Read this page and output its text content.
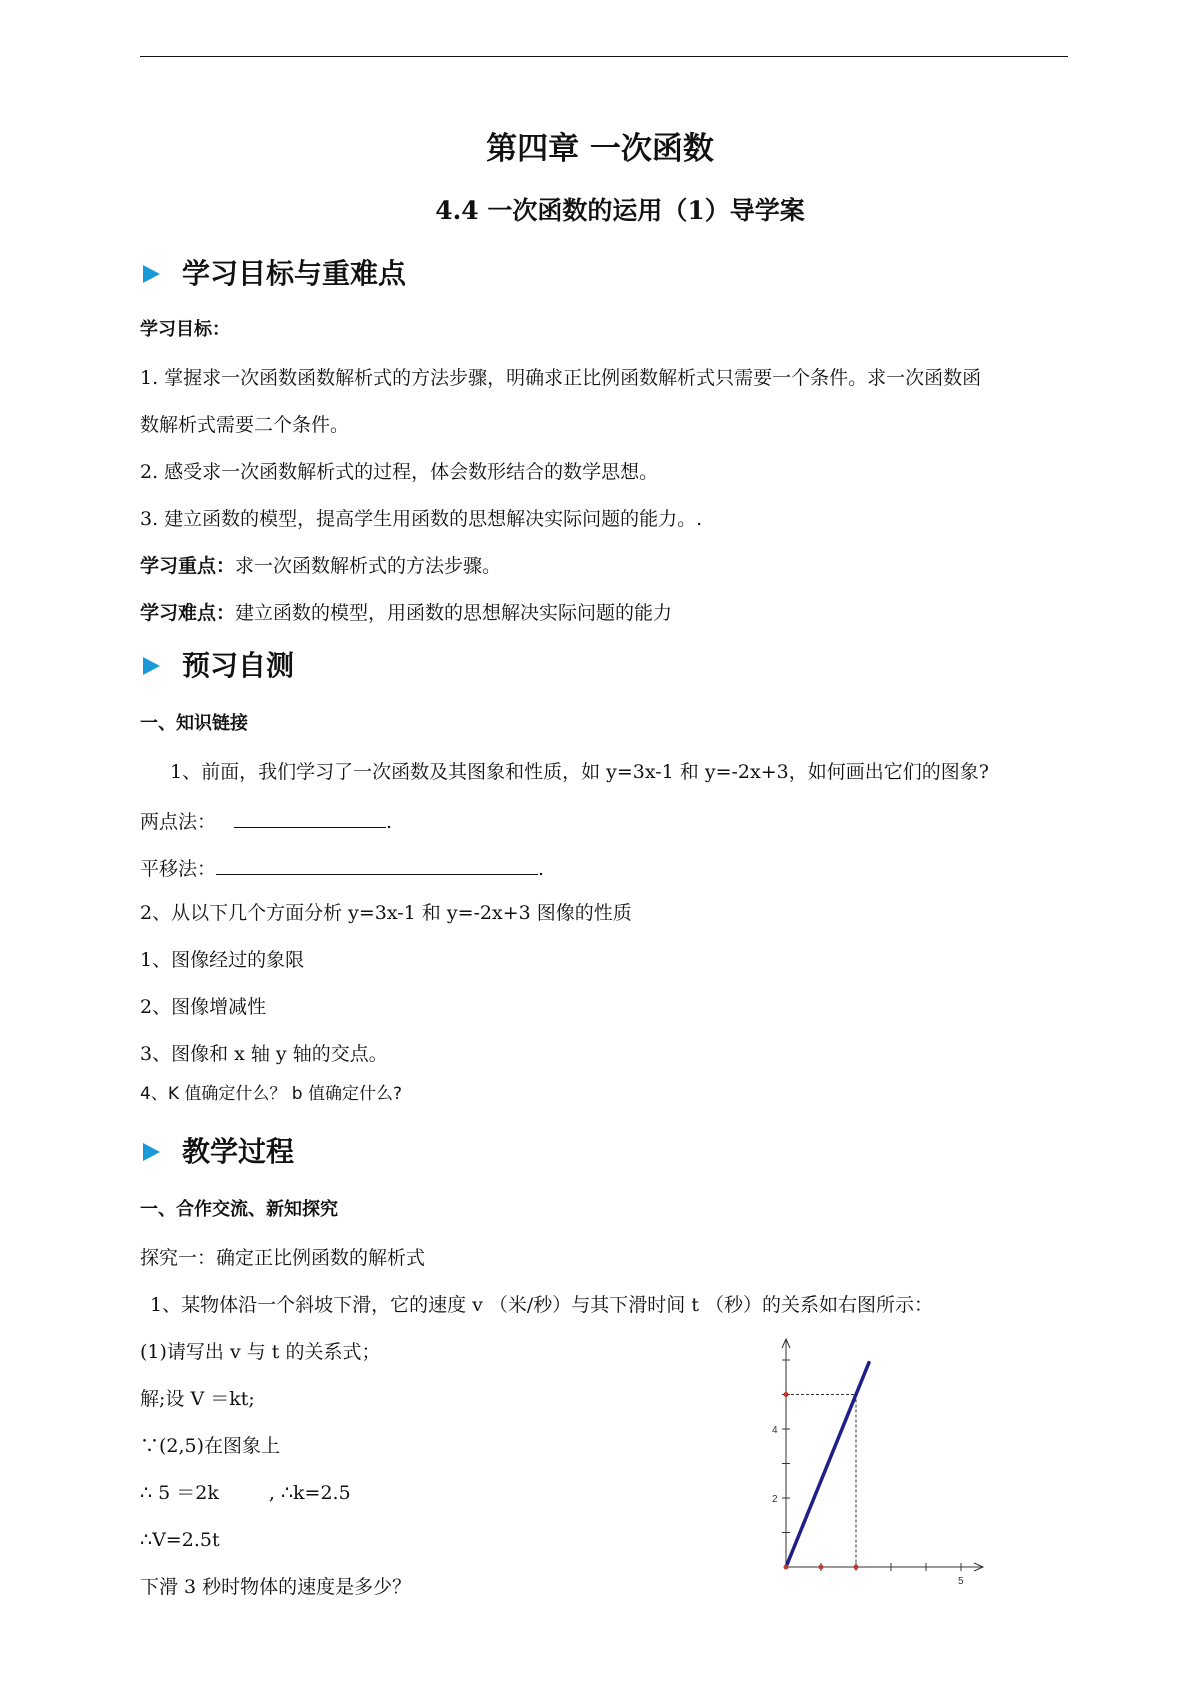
第四章 一次函数
4.4 一次函数的运用（1）导学案
学习目标与重难点
学习目标：
1. 掌握求一次函数函数解析式的方法步骤，明确求正比例函数解析式只需要一个条件。求一次函数函
数解析式需要二个条件。
2. 感受求一次函数解析式的过程，体会数形结合的数学思想。
3. 建立函数的模型，提高学生用函数的思想解决实际问题的能力。.
学习重点：求一次函数解析式的方法步骤。
学习难点：建立函数的模型，用函数的思想解决实际问题的能力
预习自测
一、知识链接
1、前面，我们学习了一次函数及其图象和性质，如 y=3x-1 和 y=-2x+3，如何画出它们的图象?
两点法：	.
平移法：	.
2、从以下几个方面分析 y=3x-1 和 y=-2x+3 图像的性质
1、图像经过的象限
2、图像增减性
3、图像和 x 轴 y 轴的交点。
4、K 值确定什么？ b 值确定什么?
教学过程
一、合作交流、新知探究
探究一：确定正比例函数的解析式
1、某物体沿一个斜坡下滑，它的速度 v （米/秒）与其下滑时间 t （秒）的关系如右图所示：
(1)请写出 v 与 t 的关系式；
解;设 V ＝kt;
∵(2,5)在图象上
∴ 5 ＝2k	, ∴k=2.5
∴V=2.5t
下滑 3 秒时物体的速度是多少？	5
2
4
